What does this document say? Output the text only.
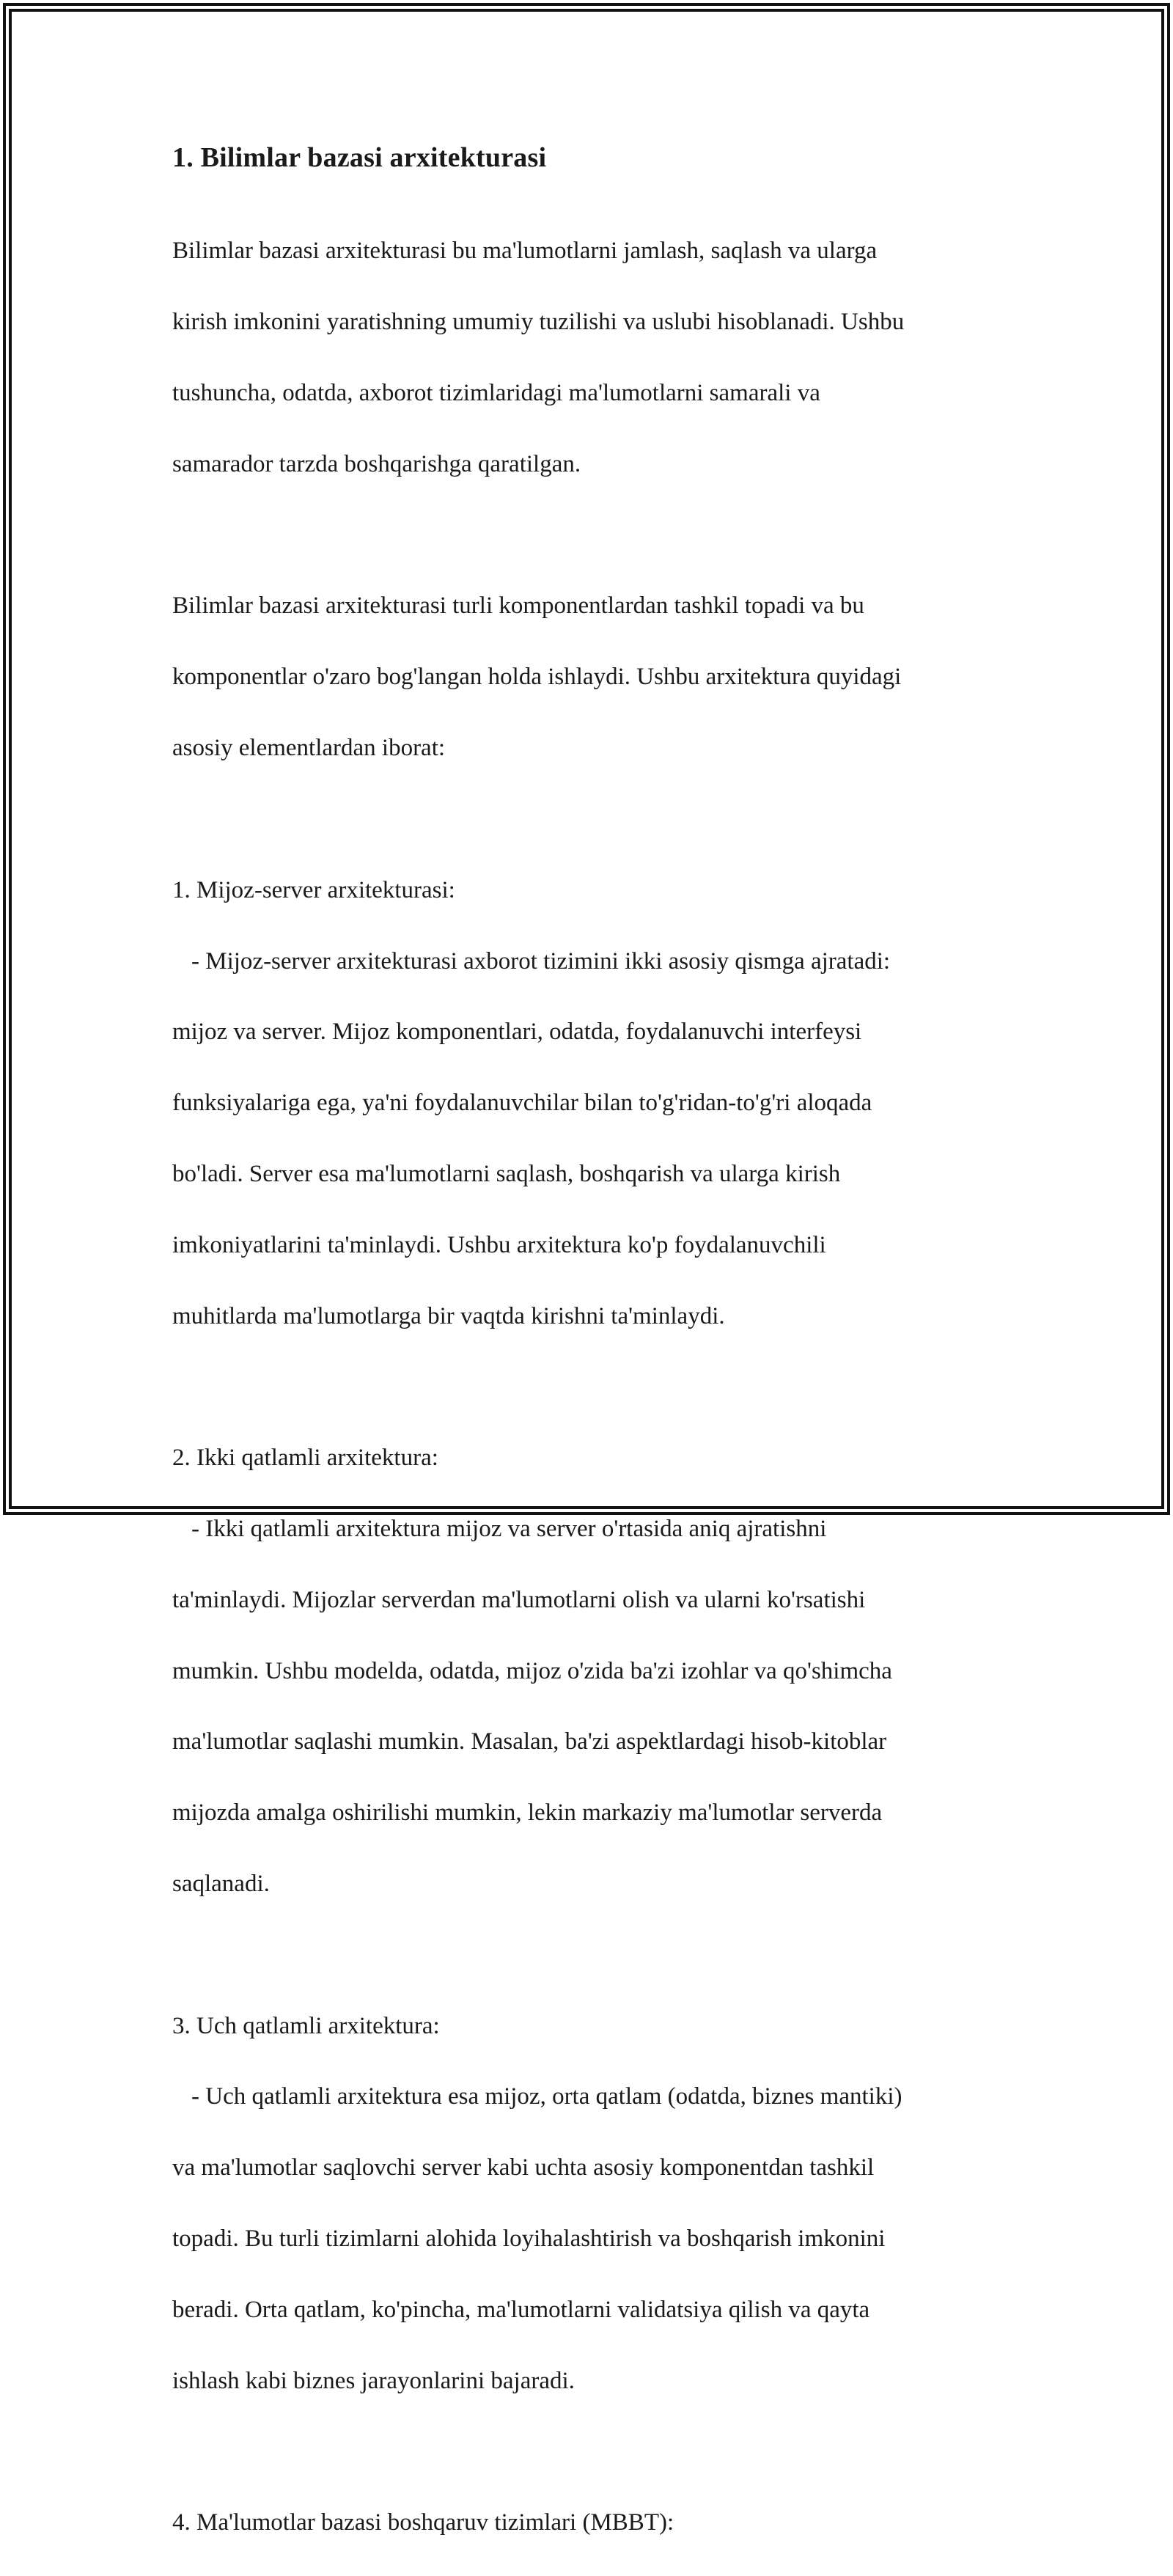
1. Bilimlar bazasi arxitekturasi

Bilimlar bazasi arxitekturasi bu ma'lumotlarni jamlash, saqlash va ularga

kirish imkonini yaratishning umumiy tuzilishi va uslubi hisoblanadi. Ushbu

tushuncha, odatda, axborot tizimlaridagi ma'lumotlarni samarali va

samarador tarzda boshqarishga qaratilgan.

Bilimlar bazasi arxitekturasi turli komponentlardan tashkil topadi va bu

komponentlar o'zaro bog'langan holda ishlaydi. Ushbu arxitektura quyidagi

asosiy elementlardan iborat:

1. Mijoz-server arxitekturasi:

- Mijoz-server arxitekturasi axborot tizimini ikki asosiy qismga ajratadi:

mijoz va server. Mijoz komponentlari, odatda, foydalanuvchi interfeysi

funksiyalariga ega, ya'ni foydalanuvchilar bilan to'g'ridan-to'g'ri aloqada

bo'ladi. Server esa ma'lumotlarni saqlash, boshqarish va ularga kirish

imkoniyatlarini ta'minlaydi. Ushbu arxitektura ko'p foydalanuvchili

muhitlarda ma'lumotlarga bir vaqtda kirishni ta'minlaydi.

2. Ikki qatlamli arxitektura:

- Ikki qatlamli arxitektura mijoz va server o'rtasida aniq ajratishni

ta'minlaydi. Mijozlar serverdan ma'lumotlarni olish va ularni ko'rsatishi

mumkin. Ushbu modelda, odatda, mijoz o'zida ba'zi izohlar va qo'shimcha

ma'lumotlar saqlashi mumkin. Masalan, ba'zi aspektlardagi hisob-kitoblar

mijozda amalga oshirilishi mumkin, lekin markaziy ma'lumotlar serverda

saqlanadi.

3. Uch qatlamli arxitektura:

- Uch qatlamli arxitektura esa mijoz, orta qatlam (odatda, biznes mantiki)

va ma'lumotlar saqlovchi server kabi uchta asosiy komponentdan tashkil

topadi. Bu turli tizimlarni alohida loyihalashtirish va boshqarish imkonini

beradi. Orta qatlam, ko'pincha, ma'lumotlarni validatsiya qilish va qayta

ishlash kabi biznes jarayonlarini bajaradi.

4. Ma'lumotlar bazasi boshqaruv tizimlari (MBBT):
